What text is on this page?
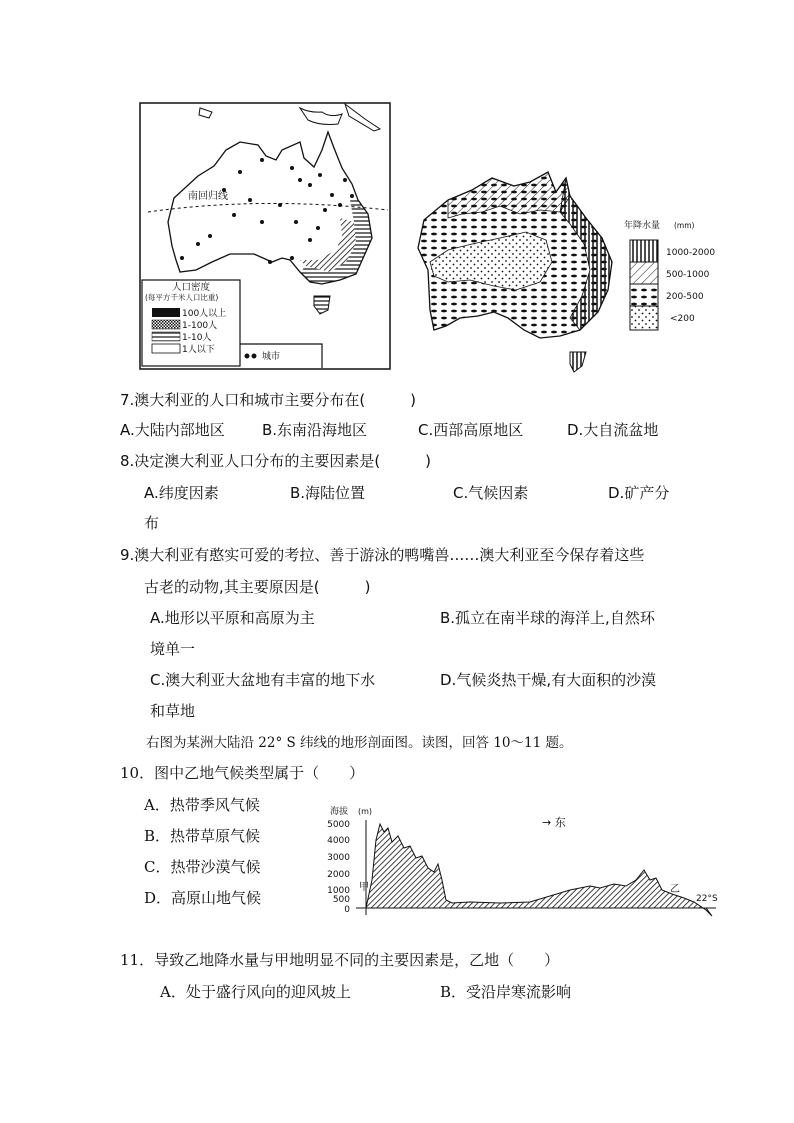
南回归线
人口密度
(每平方千米人口比重)
100人以上
1-100人
1-10人
1人以下
城市
年降水量 (mm)
1000-2000
500-1000
200-500
<200
海拔 (m)
→ 东
5000
4000
3000
2000
1000
500
0
甲	乙
22°S
7.澳大利亚的人口和城市主要分布在(　　　)
A.大陆内部地区 B.东南沿海地区	C.西部高原地区	D.大自流盆地
8.决定澳大利亚人口分布的主要因素是(　　　)
A.纬度因素	B.海陆位置	C.气候因素	D.矿产分
布
9.澳大利亚有憨实可爱的考拉、善于游泳的鸭嘴兽……澳大利亚至今保存着这些
古老的动物,其主要原因是(　　　)
A.地形以平原和高原为主	B.孤立在南半球的海洋上,自然环
境单一
C.澳大利亚大盆地有丰富的地下水	D.气候炎热干燥,有大面积的沙漠
和草地
右图为某洲大陆沿 22° S 纬线的地形剖面图。读图，回答 10～11 题。
10．图中乙地气候类型属于（　　）
A．热带季风气候
B．热带草原气候
C．热带沙漠气候
D．高原山地气候
11．导致乙地降水量与甲地明显不同的主要因素是，乙地（　　）
A．处于盛行风向的迎风坡上	B．受沿岸寒流影响
